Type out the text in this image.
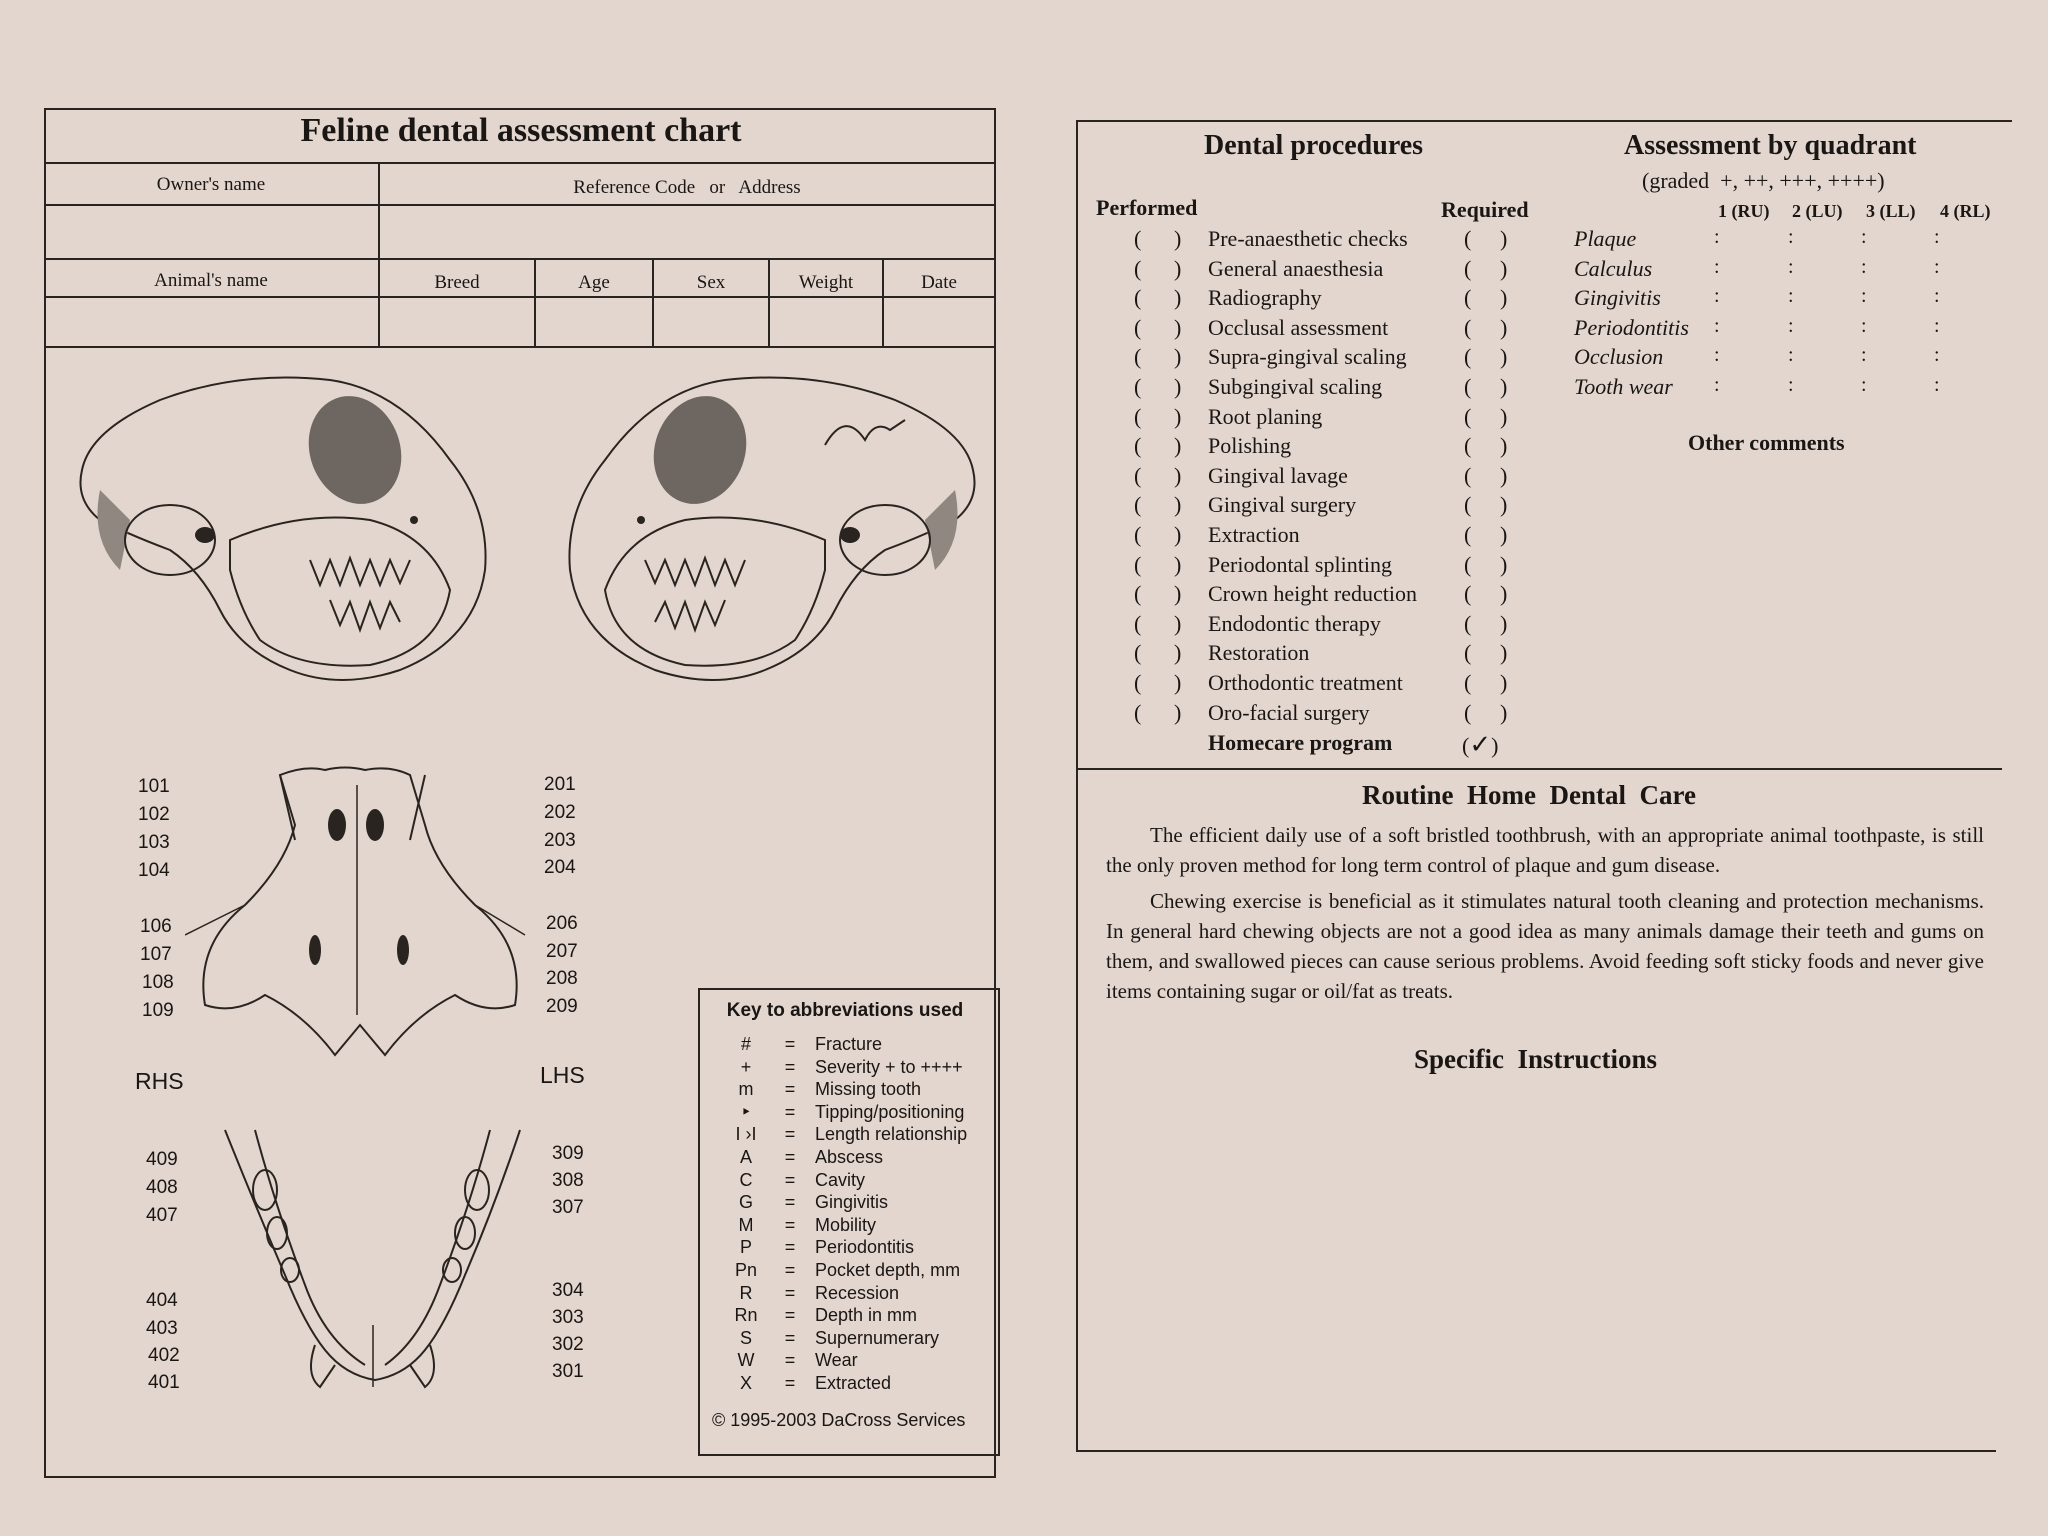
Feline dental assessment chart
Owner's name	Reference Code   or   Address
Animal's name	Breed	Age	Sex	Weight	Date
101
102
103
104
106
107
108
109
201
202
203
204
206
207
208
209
RHS	LHS
409
408
407
404
403
402
401
309
308
307
304
303
302
301
Key to abbreviations used
#	= Fracture
+	= Severity + to ++++
m	= Missing tooth
‣	= Tipping/positioning
I ›I	= Length relationship
A	= Abscess
C	= Cavity
G	= Gingivitis
M	= Mobility
P	= Periodontitis
Pn	= Pocket depth, mm
R	= Recession
Rn	= Depth in mm
S	= Supernumerary
W	= Wear
X	= Extracted
© 1995-2003 DaCross Services
Dental procedures
Performed	Required
( ) Pre-anaesthetic checks	( )
( ) General anaesthesia	( )
( ) Radiography	( )
( ) Occlusal assessment	( )
( ) Supra-gingival scaling	( )
( ) Subgingival scaling	( )
( ) Root planing	( )
( ) Polishing	( )
( ) Gingival lavage	( )
( ) Gingival surgery	( )
( ) Extraction	( )
( ) Periodontal splinting	( )
( ) Crown height reduction ( )
( ) Endodontic therapy	( )
( ) Restoration	( )
( ) Orthodontic treatment	( )
( ) Oro-facial surgery	( )
Homecare program	(✓)
Assessment by quadrant
(graded  +, ++, +++, ++++)
1 (RU) 2 (LU) 3 (LL) 4 (RL)
Plaque	:	:	:	:
Calculus	:	:	:	:
Gingivitis	:	:	:	:
Periodontitis :	:	:	:
Occlusion	:	:	:	:
Tooth wear :	:	:	:
Other comments
Routine  Home  Dental  Care

The efficient daily use of a soft bristled toothbrush, with an appropriate animal toothpaste, is still the only proven method for long term control of plaque and gum disease.

Chewing exercise is beneficial as it stimulates natural tooth cleaning and protection mechanisms. In general hard chewing objects are not a good idea as many animals damage their teeth and gums on them, and swallowed pieces can cause serious problems. Avoid feeding soft sticky foods and never give items containing sugar or oil/fat as treats.

Specific  Instructions
